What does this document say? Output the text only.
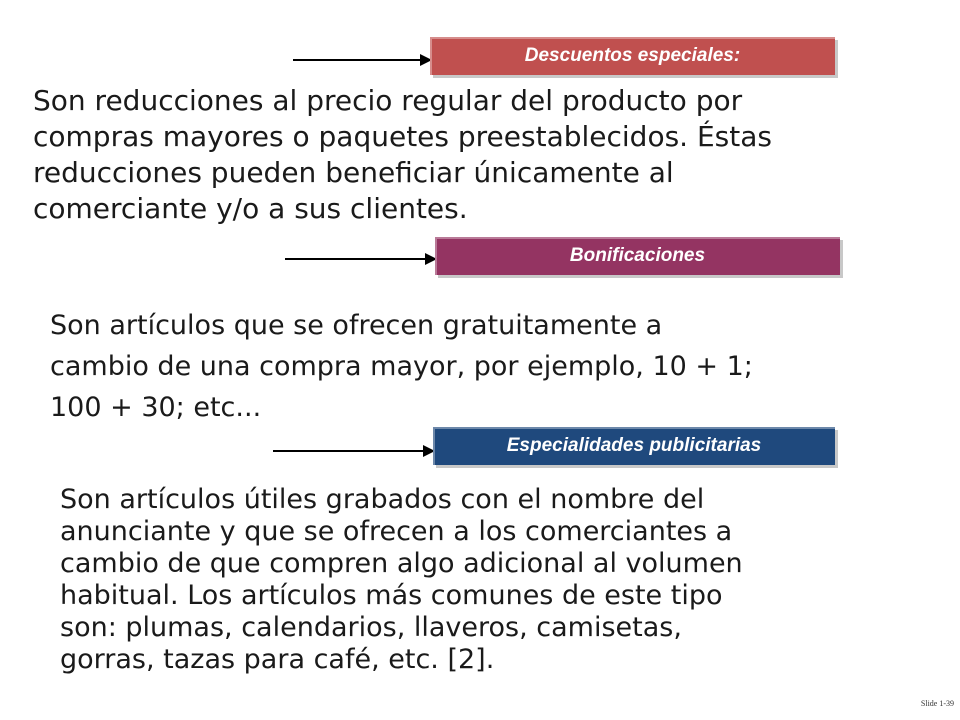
Descuentos especiales:

Son reducciones al precio regular del producto por
compras mayores o paquetes preestablecidos. Éstas
reducciones pueden beneficiar únicamente al
comerciante y/o a sus clientes.

Bonificaciones

Son artículos que se ofrecen gratuitamente a
cambio de una compra mayor, por ejemplo, 10 + 1;
100 + 30; etc...

Especialidades publicitarias

Son artículos útiles grabados con el nombre del
anunciante y que se ofrecen a los comerciantes a
cambio de que compren algo adicional al volumen
habitual. Los artículos más comunes de este tipo
son: plumas, calendarios, llaveros, camisetas,
gorras, tazas para café, etc. [2].

Slide 1-39
